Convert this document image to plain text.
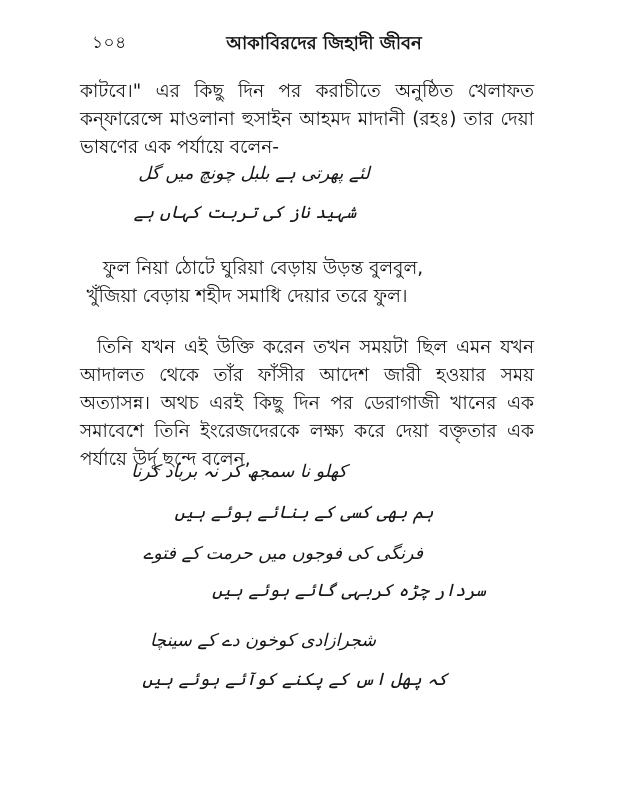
১০৪	আকাবিরদের জিহাদী জীবন
কাটবে।" এর কিছু দিন পর করাচীতে অনুষ্ঠিত খেলাফত কন্‌ফারেন্সে মাওলানা হুসাইন আহমদ মাদানী (রহঃ) তার দেয়া ভাষণের এক পর্যায়ে বলেন-
لئے پھرتی ہے بلبل چونچ میں گل
شہید ناز کی تربت کہاں ہے
ফুল নিয়া ঠোটে ঘুরিয়া বেড়ায় উড়ন্ত বুলবুল,
খুঁজিয়া বেড়ায় শহীদ সমাধি দেয়ার তরে ফুল।
তিনি যখন এই উক্তি করেন তখন সময়টা ছিল এমন যখন আদালত থেকে তাঁর ফাঁসীর আদেশ জারী হওয়ার সময় অত্যাসন্ন। অথচ এরই কিছু দিন পর ডেরাগাজী খানের এক সমাবেশে তিনি ইংরেজদেরকে লক্ষ্য করে দেয়া বক্তৃতার এক পর্যায়ে উর্দূ ছন্দে বলেন,
کھلو نا سمجھ کر نہ برباد کرنا
ہم بھی کسی کے بنائے ہوئے ہیں
فرنگی کی فوجوں میں حرمت کے فتوے
سردار چڑہ کربہی گائے ہوئے ہیں
شجرازادی کوخون دے کے سینچا
کہ پھل اس کے پکنے کوآئے ہوئے ہیں
